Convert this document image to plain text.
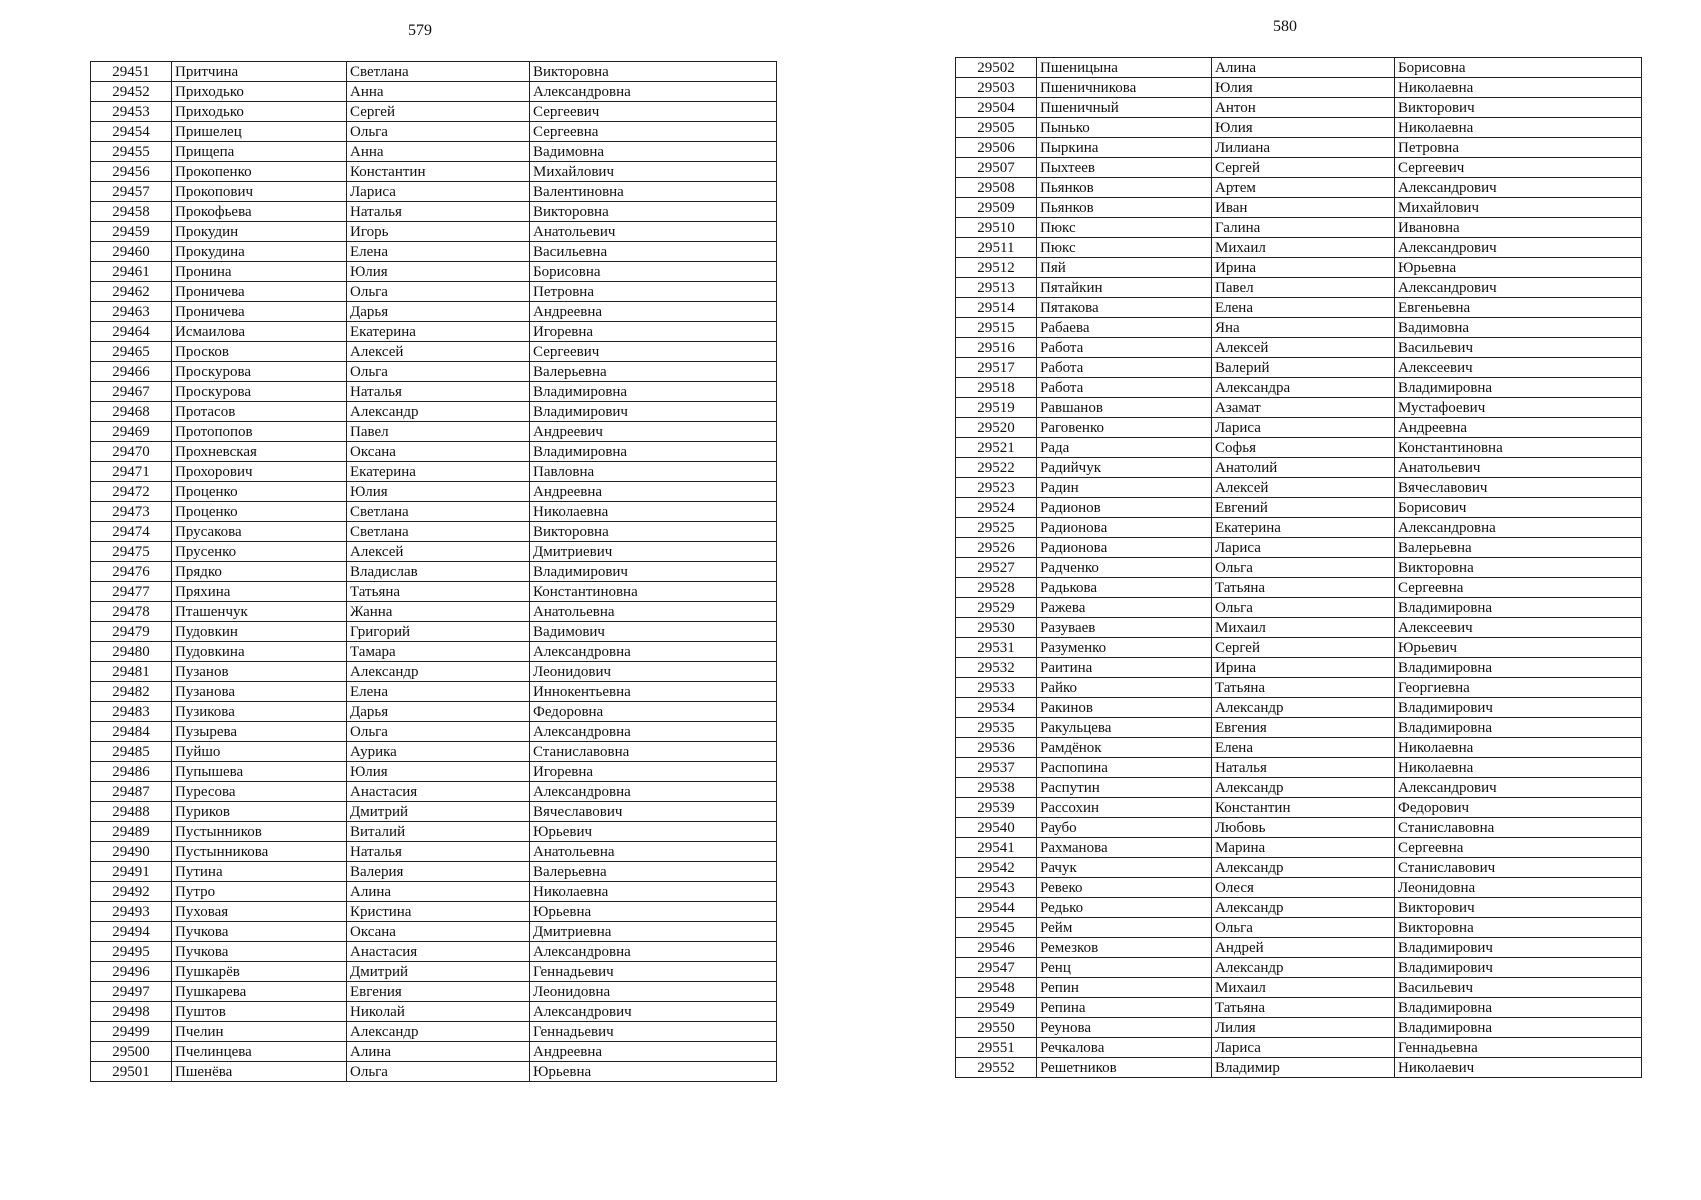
579
29451	Притчина	Светлана	Викторовна
29452	Приходько	Анна	Александровна
29453	Приходько	Сергей	Сергеевич
29454	Пришелец	Ольга	Сергеевна
29455	Прищепа	Анна	Вадимовна
29456	Прокопенко	Константин	Михайлович
29457	Прокопович	Лариса	Валентиновна
29458	Прокофьева	Наталья	Викторовна
29459	Прокудин	Игорь	Анатольевич
29460	Прокудина	Елена	Васильевна
29461	Пронина	Юлия	Борисовна
29462	Проничева	Ольга	Петровна
29463	Проничева	Дарья	Андреевна
29464	Исмаилова	Екатерина	Игоревна
29465	Просков	Алексей	Сергеевич
29466	Проскурова	Ольга	Валерьевна
29467	Проскурова	Наталья	Владимировна
29468	Протасов	Александр	Владимирович
29469	Протопопов	Павел	Андреевич
29470	Прохневская	Оксана	Владимировна
29471	Прохорович	Екатерина	Павловна
29472	Проценко	Юлия	Андреевна
29473	Проценко	Светлана	Николаевна
29474	Прусакова	Светлана	Викторовна
29475	Прусенко	Алексей	Дмитриевич
29476	Прядко	Владислав	Владимирович
29477	Пряхина	Татьяна	Константиновна
29478	Пташенчук	Жанна	Анатольевна
29479	Пудовкин	Григорий	Вадимович
29480	Пудовкина	Тамара	Александровна
29481	Пузанов	Александр	Леонидович
29482	Пузанова	Елена	Иннокентьевна
29483	Пузикова	Дарья	Федоровна
29484	Пузырева	Ольга	Александровна
29485	Пуйшо	Аурика	Станиславовна
29486	Пупышева	Юлия	Игоревна
29487	Пуресова	Анастасия	Александровна
29488	Пуриков	Дмитрий	Вячеславович
29489	Пустынников	Виталий	Юрьевич
29490	Пустынникова	Наталья	Анатольевна
29491	Путина	Валерия	Валерьевна
29492	Путро	Алина	Николаевна
29493	Пуховая	Кристина	Юрьевна
29494	Пучкова	Оксана	Дмитриевна
29495	Пучкова	Анастасия	Александровна
29496	Пушкарёв	Дмитрий	Геннадьевич
29497	Пушкарева	Евгения	Леонидовна
29498	Пуштов	Николай	Александрович
29499	Пчелин	Александр	Геннадьевич
29500	Пчелинцева	Алина	Андреевна
29501	Пшенёва	Ольга	Юрьевна
580
29502	Пшеницына	Алина	Борисовна
29503	Пшеничникова	Юлия	Николаевна
29504	Пшеничный	Антон	Викторович
29505	Пынько	Юлия	Николаевна
29506	Пыркина	Лилиана	Петровна
29507	Пыхтеев	Сергей	Сергеевич
29508	Пьянков	Артем	Александрович
29509	Пьянков	Иван	Михайлович
29510	Пюкс	Галина	Ивановна
29511	Пюкс	Михаил	Александрович
29512	Пяй	Ирина	Юрьевна
29513	Пятайкин	Павел	Александрович
29514	Пятакова	Елена	Евгеньевна
29515	Рабаева	Яна	Вадимовна
29516	Работа	Алексей	Васильевич
29517	Работа	Валерий	Алексеевич
29518	Работа	Александра	Владимировна
29519	Равшанов	Азамат	Мустафоевич
29520	Раговенко	Лариса	Андреевна
29521	Рада	Софья	Константиновна
29522	Радийчук	Анатолий	Анатольевич
29523	Радин	Алексей	Вячеславович
29524	Радионов	Евгений	Борисович
29525	Радионова	Екатерина	Александровна
29526	Радионова	Лариса	Валерьевна
29527	Радченко	Ольга	Викторовна
29528	Радькова	Татьяна	Сергеевна
29529	Ражева	Ольга	Владимировна
29530	Разуваев	Михаил	Алексеевич
29531	Разуменко	Сергей	Юрьевич
29532	Раитина	Ирина	Владимировна
29533	Райко	Татьяна	Георгиевна
29534	Ракинов	Александр	Владимирович
29535	Ракульцева	Евгения	Владимировна
29536	Рамдёнок	Елена	Николаевна
29537	Распопина	Наталья	Николаевна
29538	Распутин	Александр	Александрович
29539	Рассохин	Константин	Федорович
29540	Раубо	Любовь	Станиславовна
29541	Рахманова	Марина	Сергеевна
29542	Рачук	Александр	Станиславович
29543	Ревеко	Олеся	Леонидовна
29544	Редько	Александр	Викторович
29545	Рейм	Ольга	Викторовна
29546	Ремезков	Андрей	Владимирович
29547	Ренц	Александр	Владимирович
29548	Репин	Михаил	Васильевич
29549	Репина	Татьяна	Владимировна
29550	Реунова	Лилия	Владимировна
29551	Речкалова	Лариса	Геннадьевна
29552	Решетников	Владимир	Николаевич
